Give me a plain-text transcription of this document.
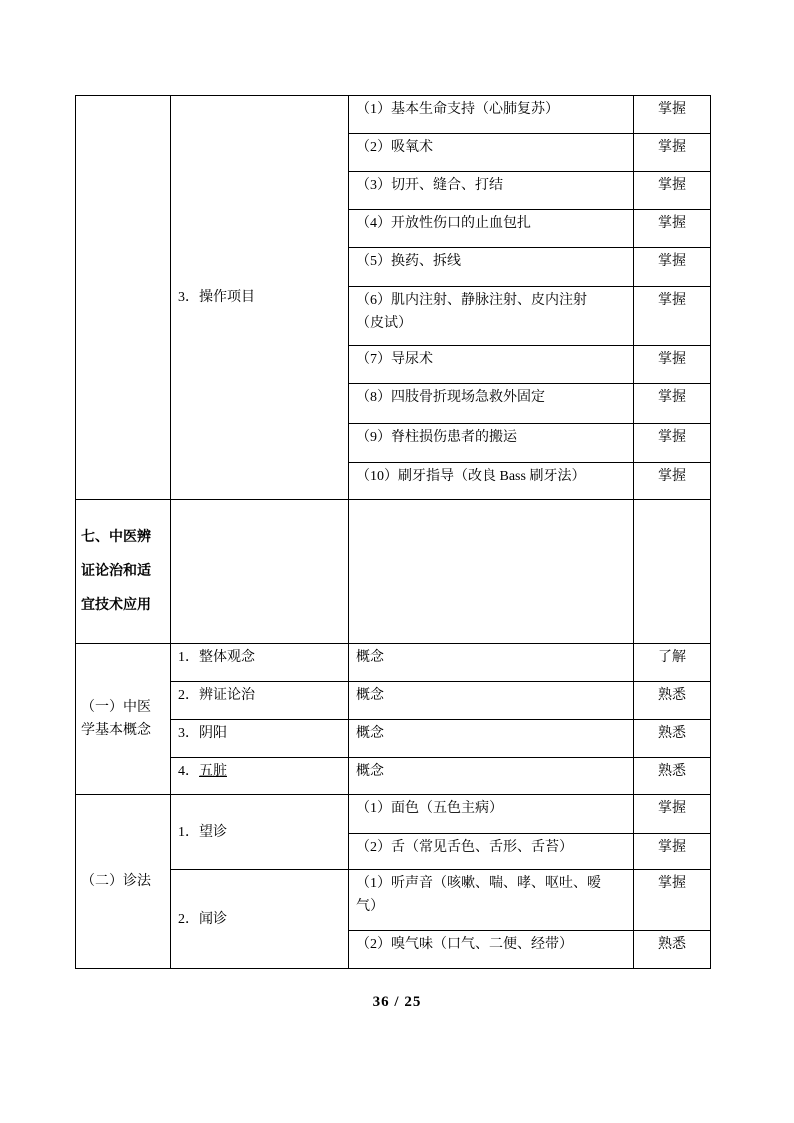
	3．操作项目	（1）基本生命支持（心肺复苏）	掌握

		（2）吸氧术	掌握

		（3）切开、缝合、打结	掌握

		（4）开放性伤口的止血包扎	掌握

		（5）换药、拆线	掌握

		（6）肌内注射、静脉注射、皮内注射
（皮试）	掌握

		（7）导尿术	掌握

		（8）四肢骨折现场急救外固定	掌握

		（9）脊柱损伤患者的搬运	掌握

		（10）刷牙指导（改良 Bass 刷牙法）	掌握

七、中医辨
证论治和适
宜技术应用			

（一）中医
学基本概念	1．整体观念	概念	了解

	2．辨证论治	概念	熟悉

	3．阴阳	概念	熟悉

	4．五脏	概念	熟悉

（二）诊法	1．望诊	（1）面色（五色主病）	掌握

		（2）舌（常见舌色、舌形、舌苔）	掌握

	2．闻诊	（1）听声音（咳嗽、喘、哮、呕吐、嗳
气）	掌握

		（2）嗅气味（口气、二便、经带）	熟悉
36 / 25
